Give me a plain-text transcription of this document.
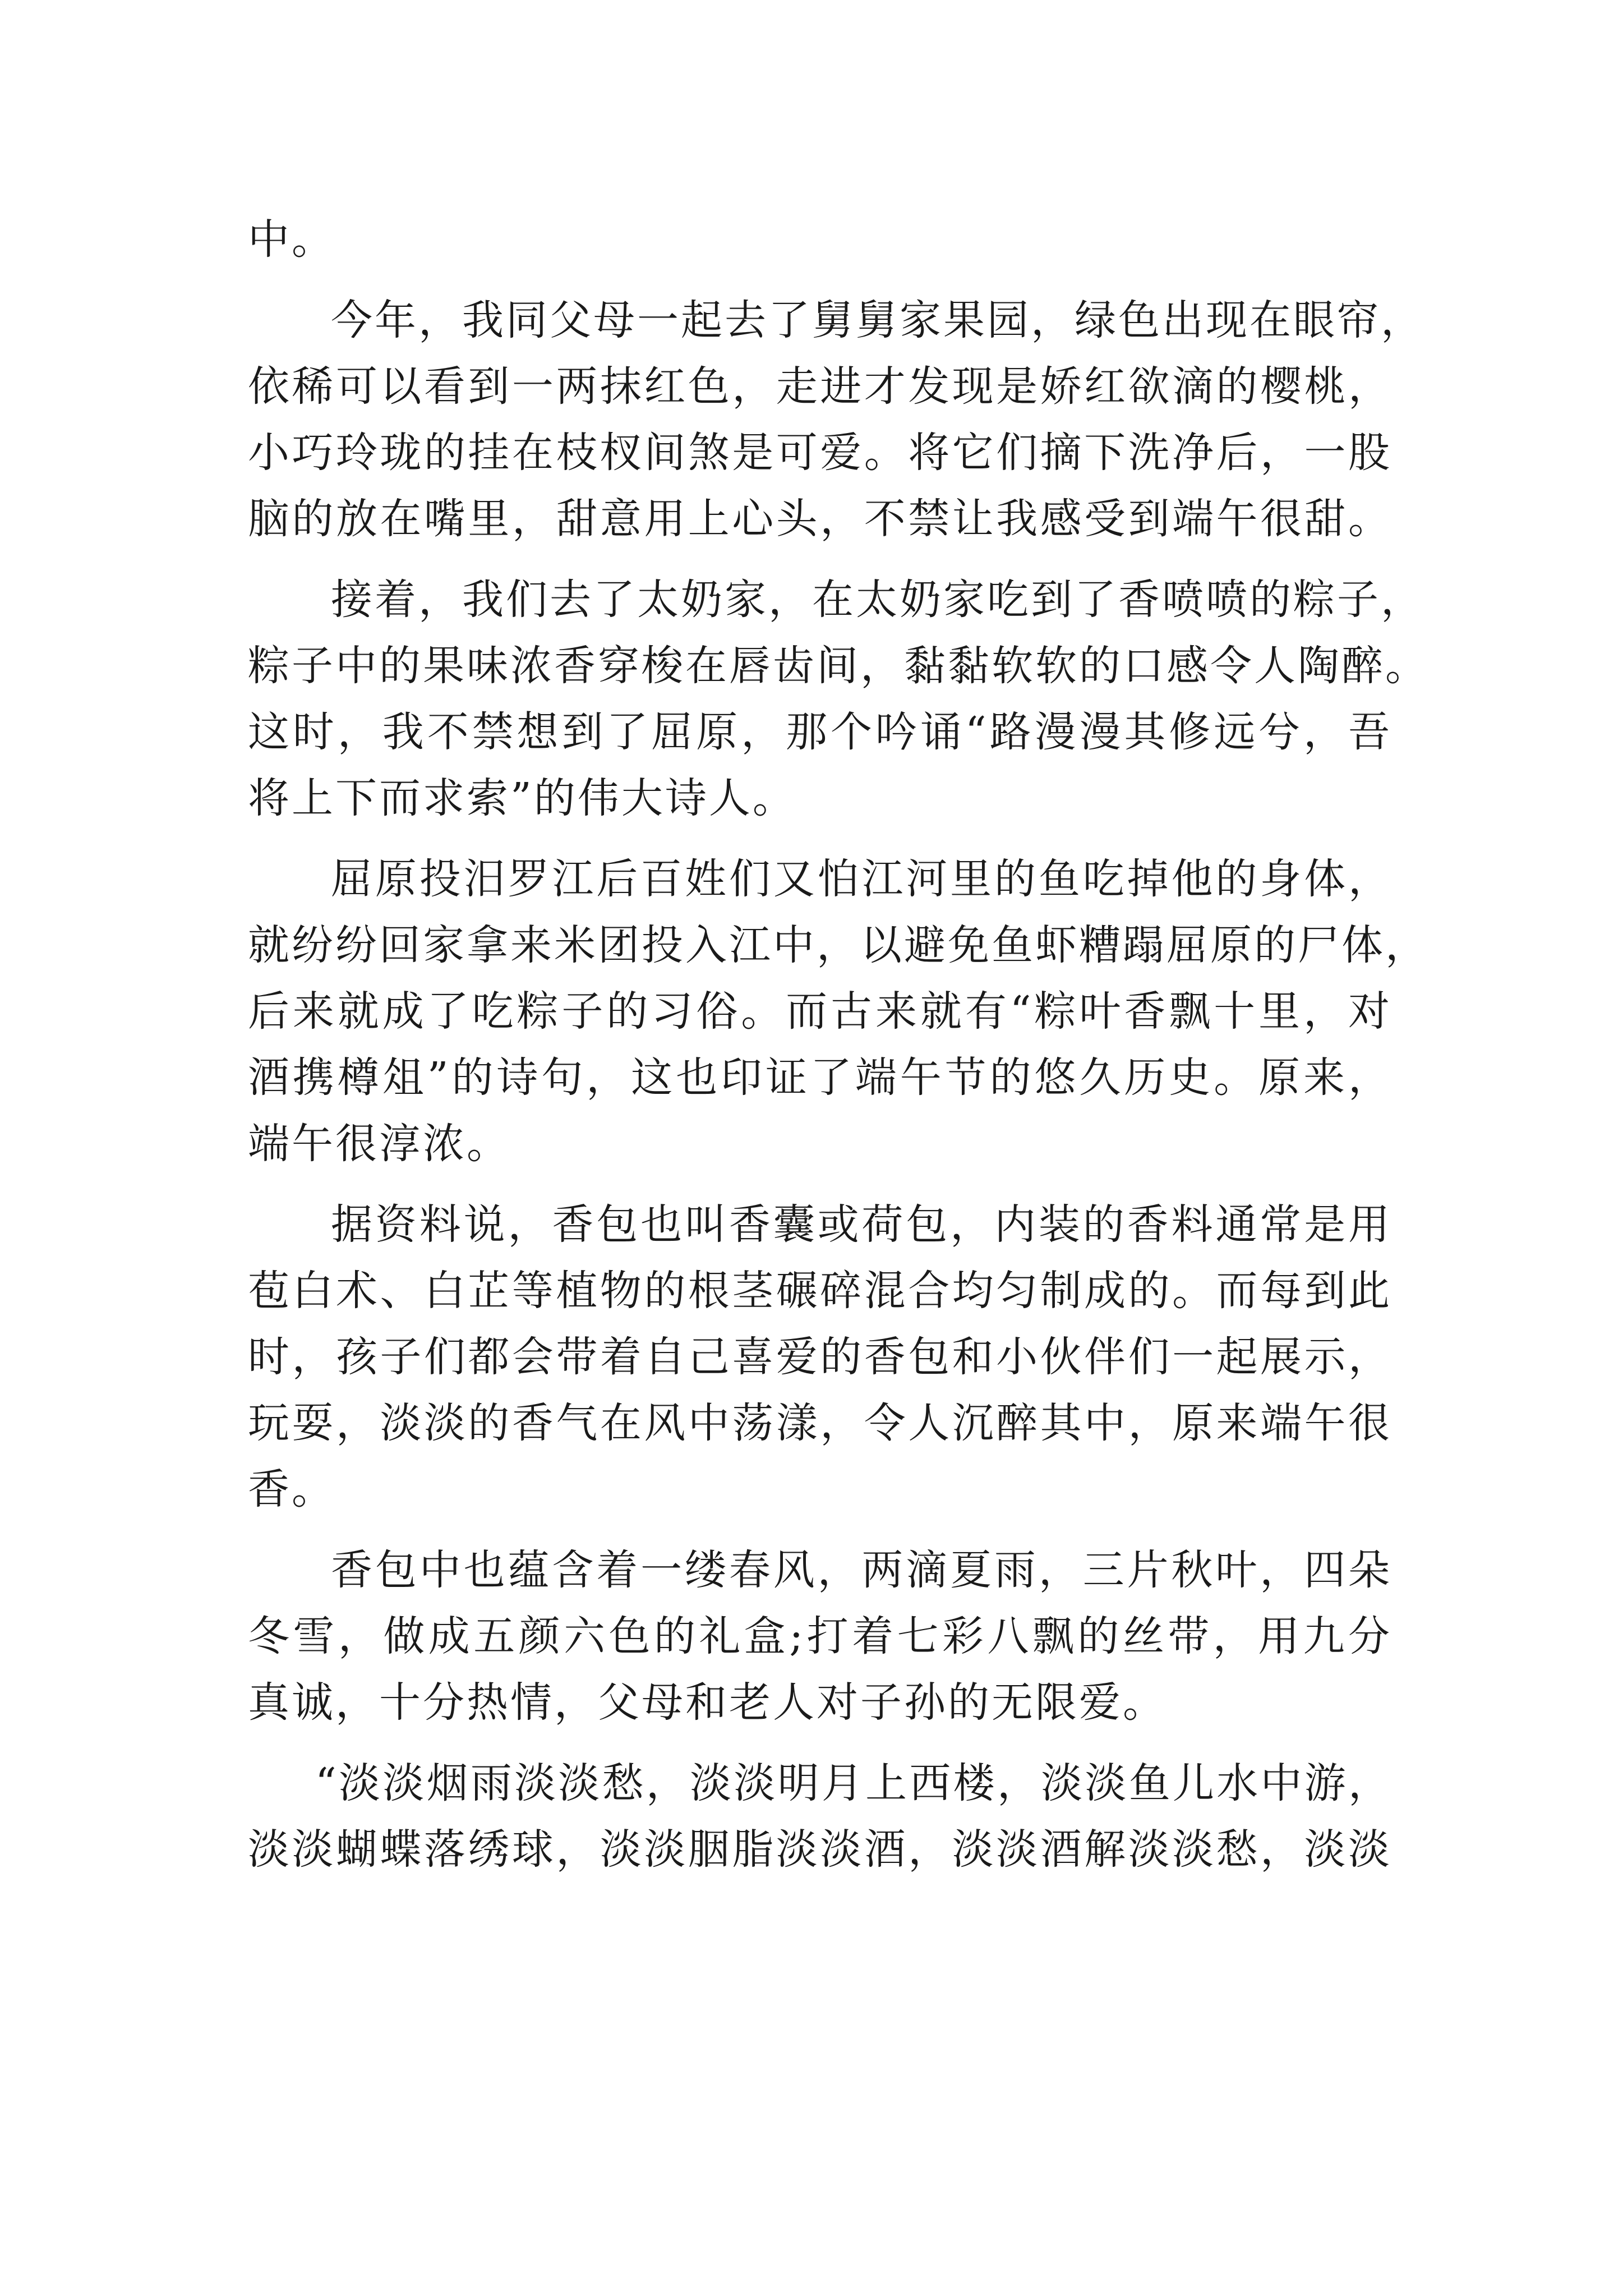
中。
今年，我同父母一起去了舅舅家果园，绿色出现在眼帘，
依稀可以看到一两抹红色，走进才发现是娇红欲滴的樱桃，
小巧玲珑的挂在枝杈间煞是可爱。将它们摘下洗净后，一股
脑的放在嘴里，甜意用上心头，不禁让我感受到端午很甜。
接着，我们去了太奶家，在太奶家吃到了香喷喷的粽子，
粽子中的果味浓香穿梭在唇齿间，黏黏软软的口感令人陶醉。
这时，我不禁想到了屈原，那个吟诵“路漫漫其修远兮，吾
将上下而求索”的伟大诗人。
屈原投汨罗江后百姓们又怕江河里的鱼吃掉他的身体，
就纷纷回家拿来米团投入江中，以避免鱼虾糟蹋屈原的尸体，
后来就成了吃粽子的习俗。而古来就有“粽叶香飘十里，对
酒携樽俎”的诗句，这也印证了端午节的悠久历史。原来，
端午很淳浓。
据资料说，香包也叫香囊或荷包，内装的香料通常是用
苞白术、白芷等植物的根茎碾碎混合均匀制成的。而每到此
时，孩子们都会带着自己喜爱的香包和小伙伴们一起展示，
玩耍，淡淡的香气在风中荡漾，令人沉醉其中，原来端午很
香。
香包中也蕴含着一缕春风，两滴夏雨，三片秋叶，四朵
冬雪，做成五颜六色的礼盒;打着七彩八飘的丝带，用九分
真诚，十分热情，父母和老人对子孙的无限爱。
“淡淡烟雨淡淡愁，淡淡明月上西楼，淡淡鱼儿水中游，
淡淡蝴蝶落绣球，淡淡胭脂淡淡酒，淡淡酒解淡淡愁，淡淡
